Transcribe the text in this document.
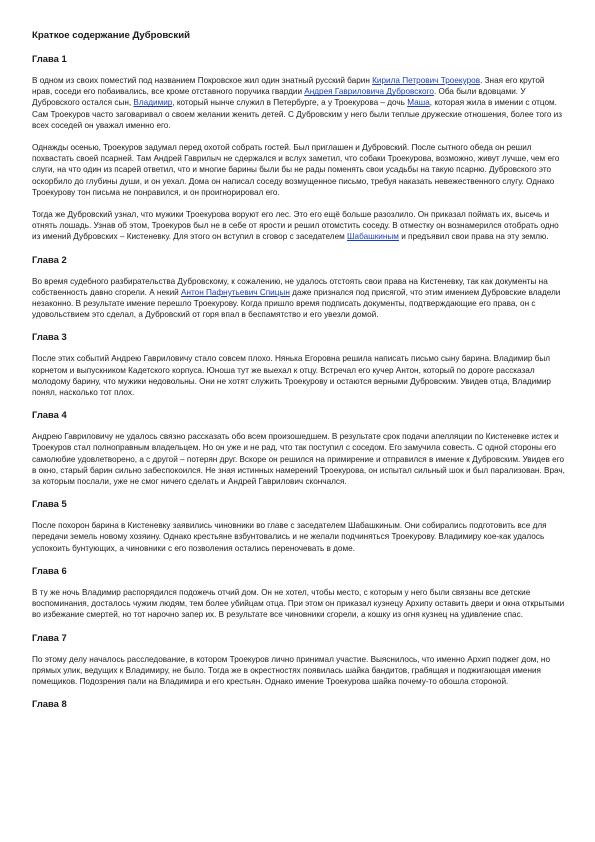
Краткое содержание Дубровский
Глава 1
В одном из своих поместий под названием Покровское жил один знатный русский барин Кирила Петрович Троекуров. Зная его крутой нрав, соседи его побаивались, все кроме отставного поручика гвардии Андрея Гавриловича Дубровского. Оба были вдовцами. У Дубровского остался сын, Владимир, который нынче служил в Петербурге, а у Троекурова – дочь Маша, которая жила в имении с отцом. Сам Троекуров часто заговаривал о своем желании женить детей. С Дубровским у него были теплые дружеские отношения, более того из всех соседей он уважал именно его.
Однажды осенью, Троекуров задумал перед охотой собрать гостей. Был приглашен и Дубровский. После сытного обеда он решил похвастать своей псарней. Там Андрей Гаврилыч не сдержался и вслух заметил, что собаки Троекурова, возможно, живут лучше, чем его слуги, на что один из псарей ответил, что и многие барины были бы не рады поменять свои усадьбы на такую псарню. Дубровского это оскорбило до глубины души, и он уехал. Дома он написал соседу возмущенное письмо, требуя наказать невежественного слугу. Однако Троекурову тон письма не понравился, и он проигнорировал его.
Тогда же Дубровский узнал, что мужики Троекурова воруют его лес. Это его ещё больше разозлило. Он приказал поймать их, высечь и отнять лошадь. Узнав об этом, Троекуров был не в себе от ярости и решил отомстить соседу. В отместку он вознамерился отобрать одно из имений Дубровских – Кистеневку. Для этого он вступил в сговор с заседателем Шабашкиным и предъявил свои права на эту землю.
Глава 2
Во время судебного разбирательства Дубровскому, к сожалению, не удалось отстоять свои права на Кистеневку, так как документы на собственность давно сгорели. А некий Антон Пафнутьевич Спицын даже признался под присягой, что этим имением Дубровские владели незаконно. В результате имение перешло Троекурову. Когда пришло время подписать документы, подтверждающие его права, он с удовольствием это сделал, а Дубровский от горя впал в беспамятство и его увезли домой.
Глава 3
После этих событий Андрею Гавриловичу стало совсем плохо. Нянька Егоровна решила написать письмо сыну барина. Владимир был корнетом и выпускником Кадетского корпуса. Юноша тут же выехал к отцу. Встречал его кучер Антон, который по дороге рассказал молодому барину, что мужики недовольны. Они не хотят служить Троекурову и остаются верными Дубровским. Увидев отца, Владимир понял, насколько тот плох.
Глава 4
Андрею Гавриловичу не удалось связно рассказать обо всем произошедшем. В результате срок подачи апелляции по Кистеневке истек и Троекуров стал полноправным владельцем. Но он уже и не рад, что так поступил с соседом. Его замучила совесть. С одной стороны его самолюбие удовлетворено, а с другой – потерян друг. Вскоре он решился на примирение и отправился в имение к Дубровским. Увидев его в окно, старый барин сильно забеспокоился. Не зная истинных намерений Троекурова, он испытал сильный шок и был парализован. Врач, за которым послали, уже не смог ничего сделать и Андрей Гаврилович скончался.
Глава 5
После похорон барина в Кистеневку заявились чиновники во главе с заседателем Шабашкиным. Они собирались подготовить все для передачи земель новому хозяину. Однако крестьяне взбунтовались и не желали подчиняться Троекурову. Владимиру кое-как удалось успокоить бунтующих, а чиновники с его позволения остались переночевать в доме.
Глава 6
В ту же ночь Владимир распорядился подожечь отчий дом. Он не хотел, чтобы место, с которым у него были связаны все детские воспоминания, досталось чужим людям, тем более убийцам отца. При этом он приказал кузнецу Архипу оставить двери и окна открытыми во избежание смертей, но тот нарочно запер их. В результате все чиновники сгорели, а кошку из огня кузнец на удивление спас.
Глава 7
По этому делу началось расследование, в котором Троекуров лично принимал участие. Выяснилось, что именно Архип поджег дом, но прямых улик, ведущих к Владимиру, не было. Тогда же в окрестностях появилась шайка бандитов, грабящая и поджигающая имения помещиков. Подозрения пали на Владимира и его крестьян. Однако имение Троекурова шайка почему-то обошла стороной.
Глава 8
